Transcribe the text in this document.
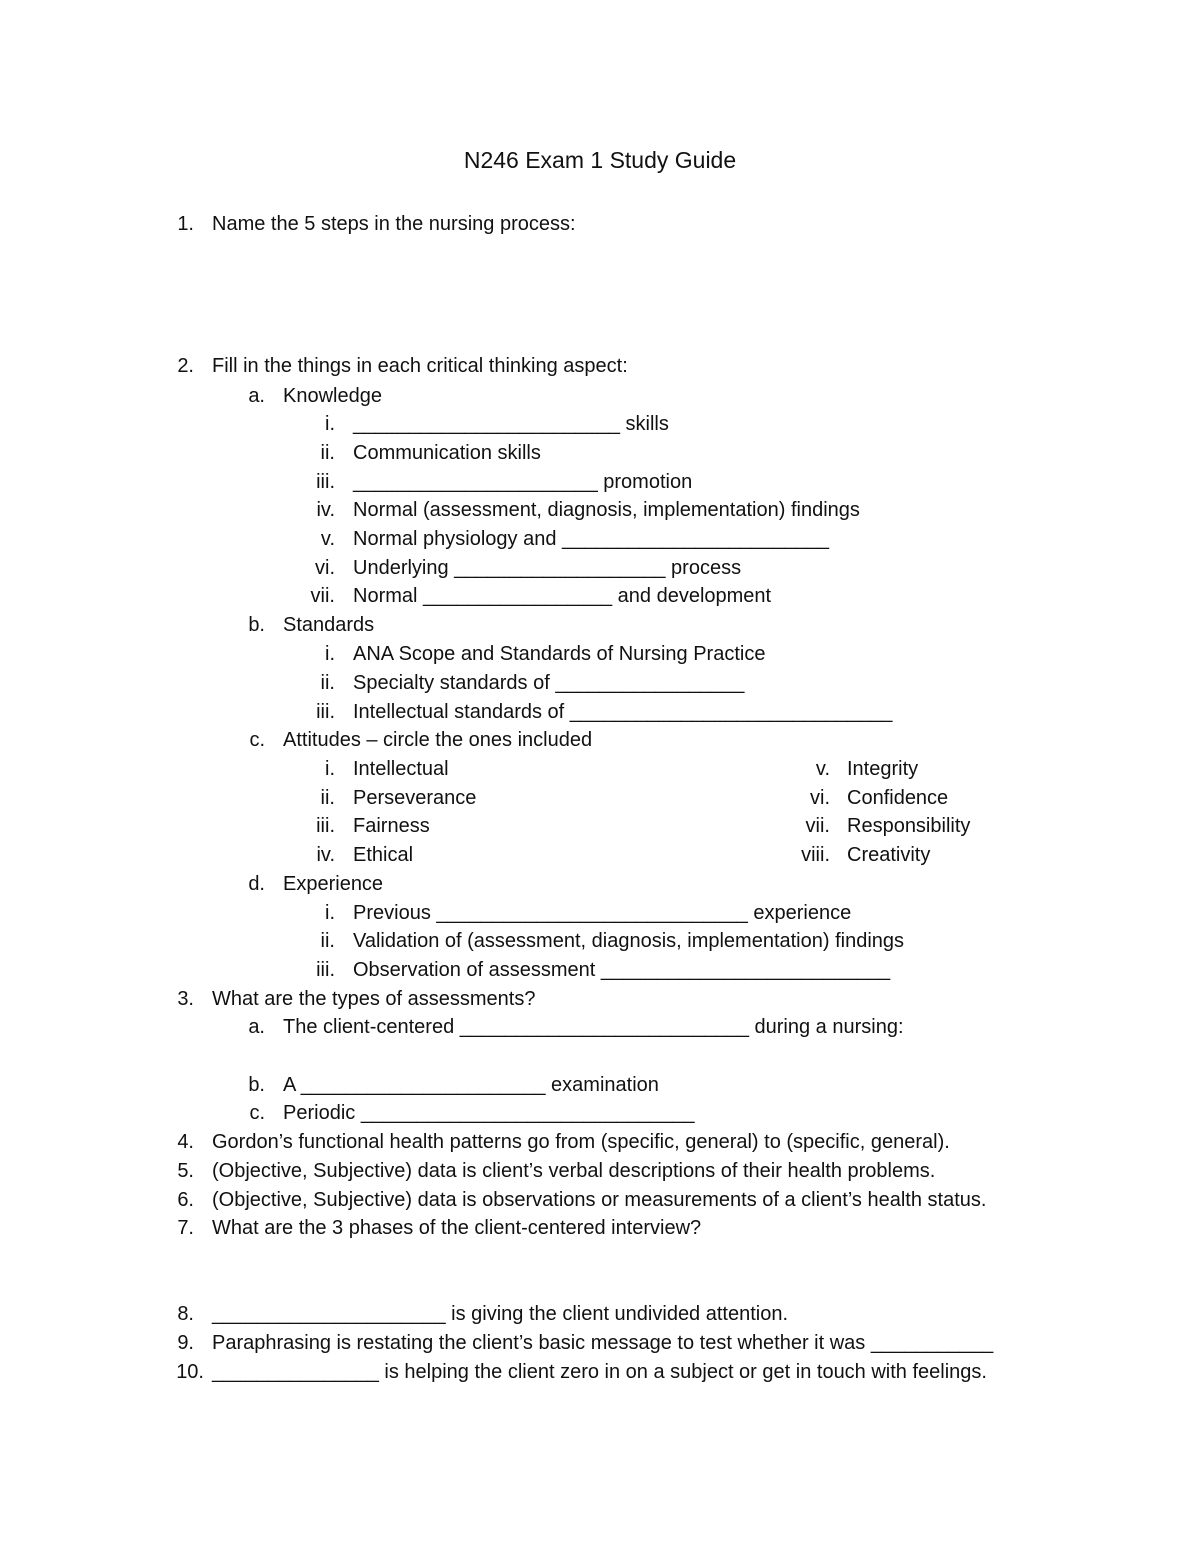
N246 Exam 1 Study Guide
1. Name the 5 steps in the nursing process:
2. Fill in the things in each critical thinking aspect:
a. Knowledge
i. ________________________ skills
ii. Communication skills
iii. ______________________ promotion
iv. Normal (assessment, diagnosis, implementation) findings
v. Normal physiology and ________________________
vi. Underlying ___________________ process
vii. Normal _________________ and development
b. Standards
i. ANA Scope and Standards of Nursing Practice
ii. Specialty standards of _________________
iii. Intellectual standards of _____________________________
c. Attitudes – circle the ones included
i. Intellectual
ii. Perseverance
iii. Fairness
iv. Ethical
v. Integrity
vi. Confidence
vii. Responsibility
viii. Creativity
d. Experience
i. Previous ____________________________ experience
ii. Validation of (assessment, diagnosis, implementation) findings
iii. Observation of assessment __________________________
3. What are the types of assessments?
a. The client-centered __________________________ during a nursing:
b. A ______________________ examination
c. Periodic ______________________________
4. Gordon’s functional health patterns go from (specific, general) to (specific, general).
5. (Objective, Subjective) data is client’s verbal descriptions of their health problems.
6. (Objective, Subjective) data is observations or measurements of a client’s health status.
7. What are the 3 phases of the client-centered interview?
8. _____________________ is giving the client undivided attention.
9. Paraphrasing is restating the client’s basic message to test whether it was ___________
10. _______________ is helping the client zero in on a subject or get in touch with feelings.
